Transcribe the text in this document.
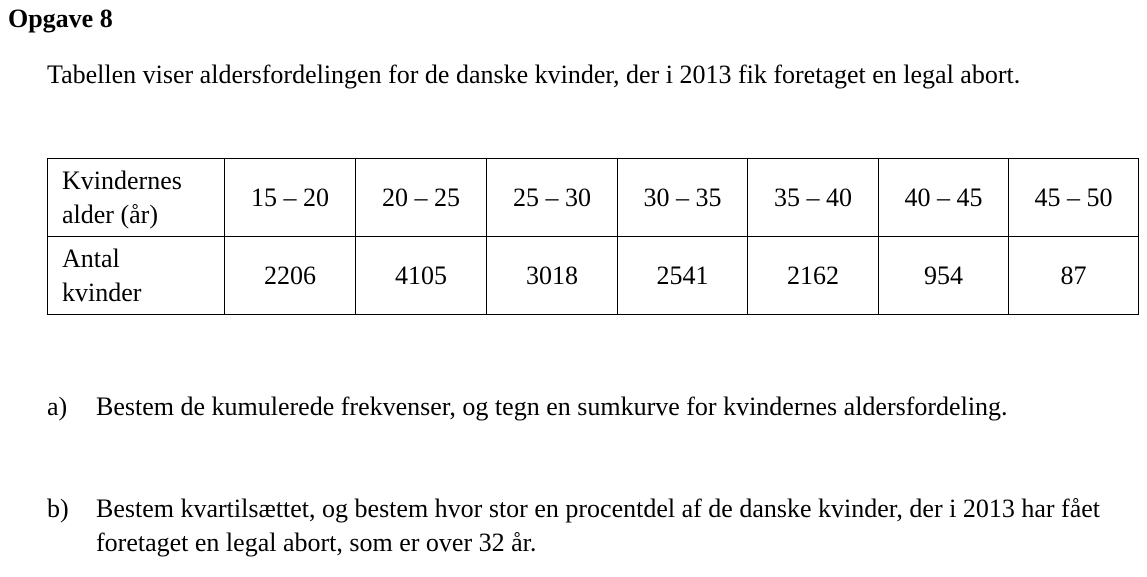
Opgave 8
Tabellen viser aldersfordelingen for de danske kvinder, der i 2013 fik foretaget en legal abort.
Kvindernes
alder (år)	15 – 20	20 – 25	25 – 30	30 – 35	35 – 40	40 – 45	45 – 50

Antal
kvinder	2206	4105	3018	2541	2162	954	87
a) Bestem de kumulerede frekvenser, og tegn en sumkurve for kvindernes aldersfordeling.
b) Bestem kvartilsættet, og bestem hvor stor en procentdel af de danske kvinder, der i 2013 har fået foretaget en legal abort, som er over 32 år.
